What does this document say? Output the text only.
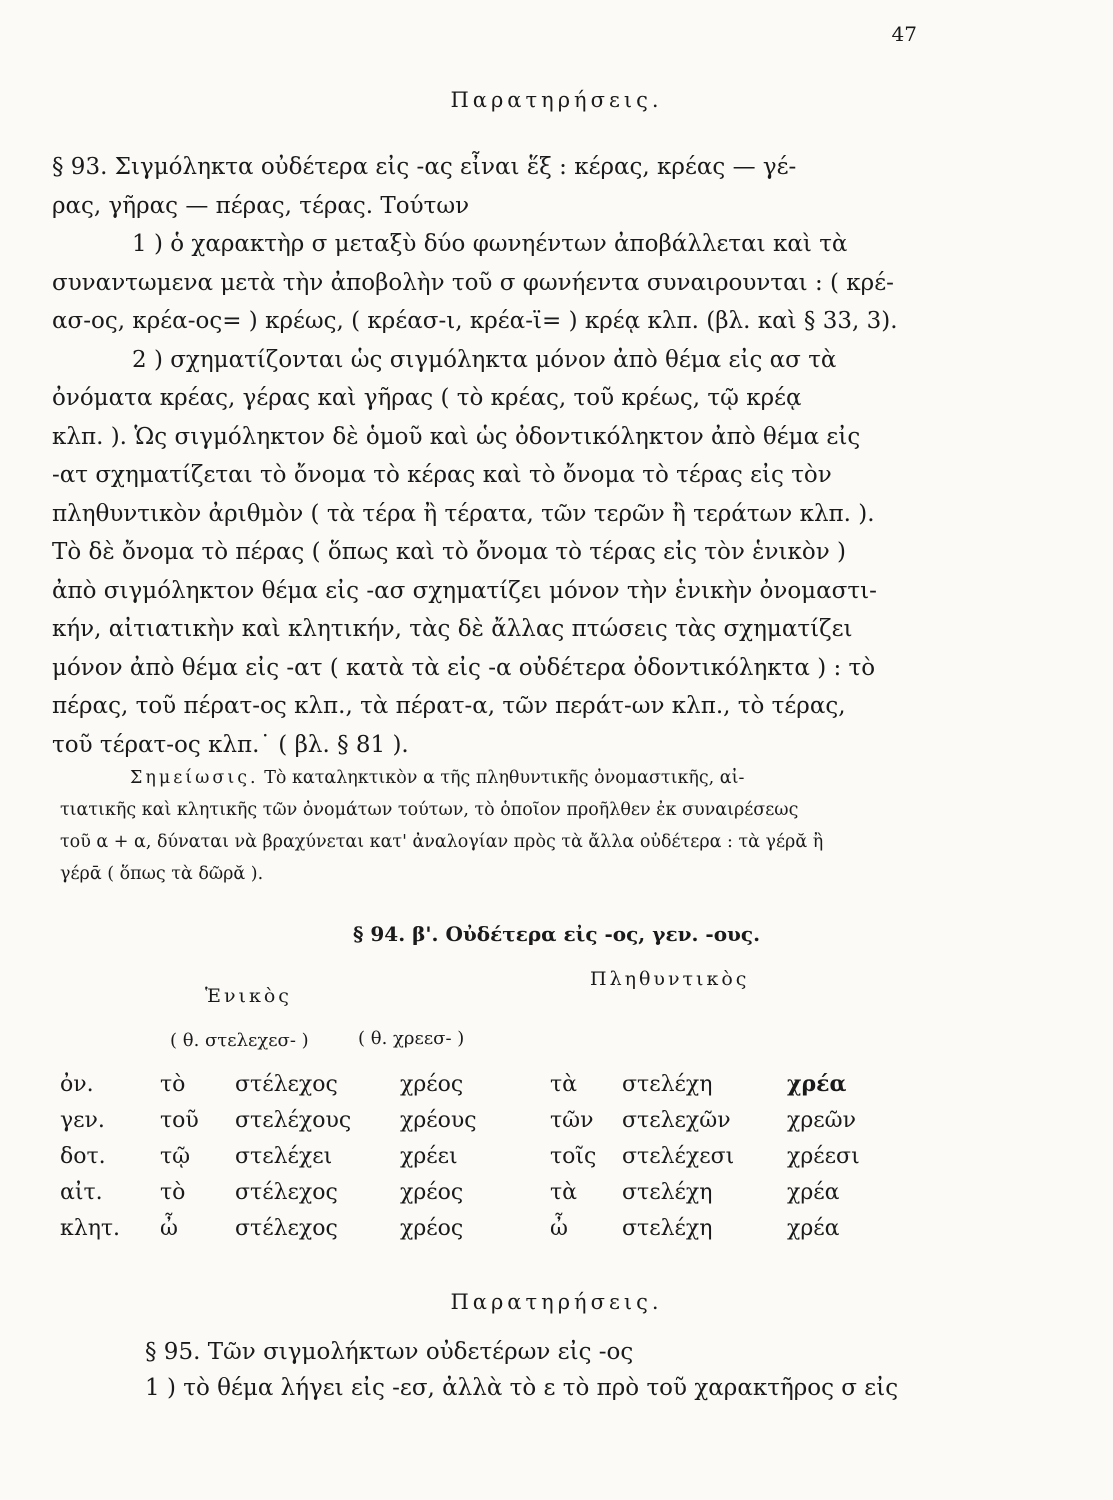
47
Παρατηρήσεις.

§ 93. Σιγμόληκτα οὐδέτερα εἰς -ας εἶναι ἕξ : κέρας, κρέας — γέ-

ρας, γῆρας — πέρας, τέρας. Τούτων

1 ) ὁ χαρακτὴρ σ μεταξὺ δύο φωνηέντων ἀποβάλλεται καὶ τὰ

συναντωμενα μετὰ τὴν ἀποβολὴν τοῦ σ φωνήεντα συναιρουνται : ( κρέ-

ασ-ος, κρέα-ος= ) κρέως, ( κρέασ-ι, κρέα-ϊ= ) κρέᾳ κλπ. (βλ. καὶ § 33, 3).

2 ) σχηματίζονται ὡς σιγμόληκτα μόνον ἀπὸ θέμα εἰς ασ τὰ

ὀνόματα κρέας, γέρας καὶ γῆρας ( τὸ κρέας, τοῦ κρέως, τῷ κρέᾳ

κλπ. ). Ὡς σιγμόληκτον δὲ ὁμοῦ καὶ ὡς ὀδοντικόληκτον ἀπὸ θέμα εἰς

-ατ σχηματίζεται τὸ ὄνομα τὸ κέρας καὶ τὸ ὄνομα τὸ τέρας εἰς τὸν

πληθυντικὸν ἀριθμὸν ( τὰ τέρα ἢ τέρατα, τῶν τερῶν ἢ τεράτων κλπ. ).

Τὸ δὲ ὄνομα τὸ πέρας ( ὅπως καὶ τὸ ὄνομα τὸ τέρας εἰς τὸν ἑνικὸν )

ἀπὸ σιγμόληκτον θέμα εἰς -ασ σχηματίζει μόνον τὴν ἑνικὴν ὀνομαστι-

κήν, αἰτιατικὴν καὶ κλητικήν, τὰς δὲ ἄλλας πτώσεις τὰς σχηματίζει

μόνον ἀπὸ θέμα εἰς -ατ ( κατὰ τὰ εἰς -α οὐδέτερα ὀδοντικόληκτα ) : τὸ

πέρας, τοῦ πέρατ-ος κλπ., τὰ πέρατ-α, τῶν περάτ-ων κλπ., τὸ τέρας,

τοῦ τέρατ-ος κλπ.˙ ( βλ. § 81 ).

Σημείωσις. Τὸ καταληκτικὸν α τῆς πληθυντικῆς ὀνομαστικῆς, αἰ-
τιατικῆς καὶ κλητικῆς τῶν ὀνομάτων τούτων, τὸ ὁποῖον προῆλθεν ἐκ συναιρέσεως
τοῦ α + α, δύναται νὰ βραχύνεται κατ' ἀναλογίαν πρὸς τὰ ἄλλα οὐδέτερα : τὰ γέρᾰ ἢ
γέρᾱ ( ὅπως τὰ δῶρᾰ ).
§ 94. β'. Οὐδέτερα εἰς -ος, γεν. -ους.
Ἑνικὸς
Πληθυντικὸς
( θ. στελεχεσ- )	( θ. χρεεσ- )
ὀν.	τὸ	στέλεχος	χρέος	τὰ	στελέχη	χρέα
γεν.	τοῦ	στελέχους	χρέους	τῶν	στελεχῶν	χρεῶν
δοτ.	τῷ	στελέχει	χρέει	τοῖς	στελέχεσι	χρέεσι
αἰτ.	τὸ	στέλεχος	χρέος	τὰ	στελέχη	χρέα
κλητ.	ὦ	στέλεχος	χρέος	ὦ	στελέχη	χρέα
Παρατηρήσεις.
§ 95. Τῶν σιγμολήκτων οὐδετέρων εἰς -ος
1 ) τὸ θέμα λήγει εἰς -εσ, ἀλλὰ τὸ ε τὸ πρὸ τοῦ χαρακτῆρος σ εἰς
